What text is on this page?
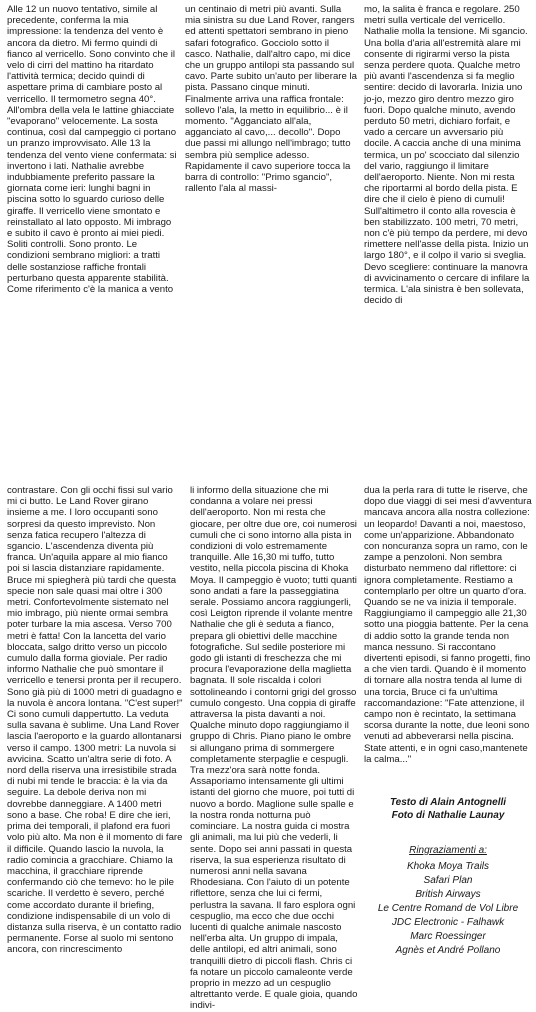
Alle 12 un nuovo tentativo, simile al precedente, conferma la mia impressione: la tendenza del vento è ancora da dietro. Mi fermo quindi di fianco al verricello. Sono convinto che il velo di cirri del mattino ha ritardato l'attività termica; decido quindi di aspettare prima di cambiare posto al verricello. Il termometro segna 40°. All'ombra della vela le lattine ghiacciate "evaporano" velocemente. La sosta continua, così dal campeggio ci portano un pranzo improvvisato. Alle 13 la tendenza del vento viene confermata: si invertono i lati. Nathalie avrebbe indubbiamente preferito passare la giornata come ieri: lunghi bagni in piscina sotto lo sguardo curioso delle giraffe. Il verricello viene smontato e reinstallato al lato opposto. Mi imbrago e subito il cavo è pronto ai miei piedi. Soliti controlli. Sono pronto. Le condizioni sembrano migliori: a tratti delle sostanziose raffiche frontali perturbano questa apparente stabilità. Come riferimento c'è la manica a vento

un centinaio di metri più avanti. Sulla mia sinistra su due Land Rover, rangers ed attenti spettatori sembrano in pieno safari fotografico. Gocciolo sotto il casco. Nathalie, dall'altro capo, mi dice che un gruppo antilopi sta passando sul cavo. Parte subito un'auto per liberare la pista. Passano cinque minuti. Finalmente arriva una raffica frontale: sollevo l'ala, la metto in equilibrio... è il momento. "Agganciato all'ala, agganciato al cavo,... decollo". Dopo due passi mi allungo nell'imbrago; tutto sembra più semplice adesso. Rapidamente il cavo superiore tocca la barra di controllo: "Primo sgancio", rallento l'ala al massi-

mo, la salita è franca e regolare. 250 metri sulla verticale del verricello. Nathalie molla la tensione. Mi sgancio. Una bolla d'aria all'estremità alare mi consente di rigirarmi verso la pista senza perdere quota. Qualche metro più avanti l'ascendenza si fa meglio sentire: decido di lavorarla. Inizia uno jo-jo, mezzo giro dentro mezzo giro fuori. Dopo qualche minuto, avendo perduto 50 metri, dichiaro forfait, e vado a cercare un avversario più docile. A caccia anche di una minima termica, un po' scocciato dal silenzio del vario, raggiungo il limitare dell'aeroporto. Niente. Non mi resta che riportarmi al bordo della pista. E dire che il cielo è pieno di cumuli! Sull'altimetro il conto alla rovescia è ben stabilizzato. 100 metri, 70 metri, non c'è più tempo da perdere, mi devo rimettere nell'asse della pista. Inizio un largo 180°, e il colpo il vario si sveglia. Devo scegliere: continuare la manovra di avvicinamento o cercare di infilare la termica. L'ala sinistra è ben sollevata, decido di

contrastare. Con gli occhi fissi sul vario mi ci butto. Le Land Rover girano insieme a me. I loro occupanti sono sorpresi da questo imprevisto. Non senza fatica recupero l'altezza di sgancio. L'ascendenza diventa più franca. Un'aquila appare al mio fianco poi si lascia distanziare rapidamente. Bruce mi spiegherà più tardi che questa specie non sale quasi mai oltre i 300 metri. Confortevolmente sistemato nel mio imbrago, più niente ormai sembra poter turbare la mia ascesa. Verso 700 metri è fatta! Con la lancetta del vario bloccata, salgo dritto verso un piccolo cumulo dalla forma gioviale. Per radio informo Nathalie che può smontare il verricello e tenersi pronta per il recupero. Sono già più di 1000 metri di guadagno e la nuvola è ancora lontana. "C'est super!" Ci sono cumuli dappertutto. La veduta sulla savana è sublime. Una Land Rover lascia l'aeroporto e la guardo allontanarsi verso il campo. 1300 metri: La nuvola si avvicina. Scatto un'altra serie di foto. A nord della riserva una irresistibile strada di nubi mi tende le braccia: è la via da seguire. La debole deriva non mi dovrebbe danneggiare. A 1400 metri sono a base. Che roba! E dire che ieri, prima dei temporali, il plafond era fuori volo più alto. Ma non è il momento di fare il difficile. Quando lascio la nuvola, la radio comincia a gracchiare. Chiamo la macchina, il gracchiare riprende confermando ciò che temevo: ho le pile scariche. Il verdetto è severo, perché come accordato durante il briefing, condizione indispensabile di un volo di distanza sulla riserva, è un contatto radio permanente. Forse al suolo mi sentono ancora, con rincrescimento

li informo della situazione che mi condanna a volare nei pressi dell'aeroporto. Non mi resta che giocare, per oltre due ore, coi numerosi cumuli che ci sono intorno alla pista in condizioni di volo estremamente tranquille. Alle 16,30 mi tuffo, tutto vestito, nella piccola piscina di Khoka Moya. Il campeggio è vuoto; tutti quanti sono andati a fare la passeggiatina serale. Possiamo ancora raggiungerli, così Leigton riprende il volante mentre Nathalie che gli è seduta a fianco, prepara gli obiettivi delle macchine fotografiche. Sul sedile posteriore mi godo gli istanti di freschezza che mi procura l'evaporazione della maglietta bagnata. Il sole riscalda i colori sottolineando i contorni grigi del grosso cumulo congesto. Una coppia di giraffe attraversa la pista davanti a noi. Qualche minuto dopo raggiungiamo il gruppo di Chris. Piano piano le ombre si allungano prima di sommergere completamente sterpaglie e cespugli. Tra mezz'ora sarà notte fonda. Assaporiamo intensamente gli ultimi istanti del giorno che muore, poi tutti di nuovo a bordo. Maglione sulle spalle e la nostra ronda notturna può cominciare. La nostra guida ci mostra gli animali, ma lui più che vederli, li sente. Dopo sei anni passati in questa riserva, la sua esperienza risultato di numerosi anni nella savana Rhodesiana. Con l'aiuto di un potente riflettore, senza che lui ci fermi, perlustra la savana. Il faro esplora ogni cespuglio, ma ecco che due occhi lucenti di qualche animale nascosto nell'erba alta. Un gruppo di impala, delle antilopi, ed altri animali, sono tranquilli dietro di piccoli flash. Chris ci fa notare un piccolo camaleonte verde proprio in mezzo ad un cespuglio altrettanto verde. E quale gioia, quando indivi-

dua la perla rara di tutte le riserve, che dopo due viaggi di sei mesi d'avventura mancava ancora alla nostra collezione: un leopardo! Davanti a noi, maestoso, come un'apparizione. Abbandonato con noncuranza sopra un ramo, con le zampe a penzoloni. Non sembra disturbato nemmeno dal riflettore: ci ignora completamente. Restiamo a contemplarlo per oltre un quarto d'ora. Quando se ne va inizia il temporale. Raggiungiamo il campeggio alle 21,30 sotto una pioggia battente. Per la cena di addio sotto la grande tenda non manca nessuno. Si raccontano divertenti episodi, si fanno progetti, fino a che vien tardi. Quando è il momento di tornare alla nostra tenda al lume di una torcia, Bruce ci fa un'ultima raccomandazione: "Fate attenzione, il campo non è recintato, la settimana scorsa durante la notte, due leoni sono venuti ad abbeverarsi nella piscina. State attenti, e in ogni caso,mantenete la calma..."

Testo di Alain Antognelli
Foto di Nathalie Launay
Ringraziamenti a:
Khoka Moya Trails
Safari Plan
British Airways
Le Centre Romand de Vol Libre
JDC Electronic - Falhawk
Marc Roessinger
Agnès et André Pollano
